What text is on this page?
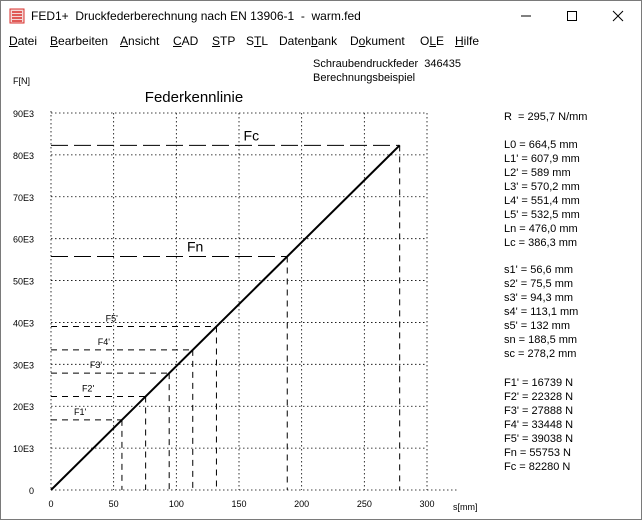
FED1+  Druckfederberechnung nach EN 13906-1  -  warm.fed
Datei Bearbeiten Ansicht CAD STP STL Datenbank Dokument OLE Hilfe
Schraubendruckfeder  346435
Berechnungsbeispiel
0
10E3
20E3
30E3
40E3
50E3
60E3
70E3
80E3
90E3
0	50	100	150	200	250	300
F[N]
s[mm]
Federkennlinie
F1'
F2'
F3'
F4'
F5'
Fn
Fc
R  = 295,7 N/mm
L0 = 664,5 mm
L1' = 607,9 mm
L2' = 589 mm
L3' = 570,2 mm
L4' = 551,4 mm
L5' = 532,5 mm
Ln = 476,0 mm
Lc = 386,3 mm
s1' = 56,6 mm
s2' = 75,5 mm
s3' = 94,3 mm
s4' = 113,1 mm
s5' = 132 mm
sn = 188,5 mm
sc = 278,2 mm
F1' = 16739 N
F2' = 22328 N
F3' = 27888 N
F4' = 33448 N
F5' = 39038 N
Fn = 55753 N
Fc = 82280 N
